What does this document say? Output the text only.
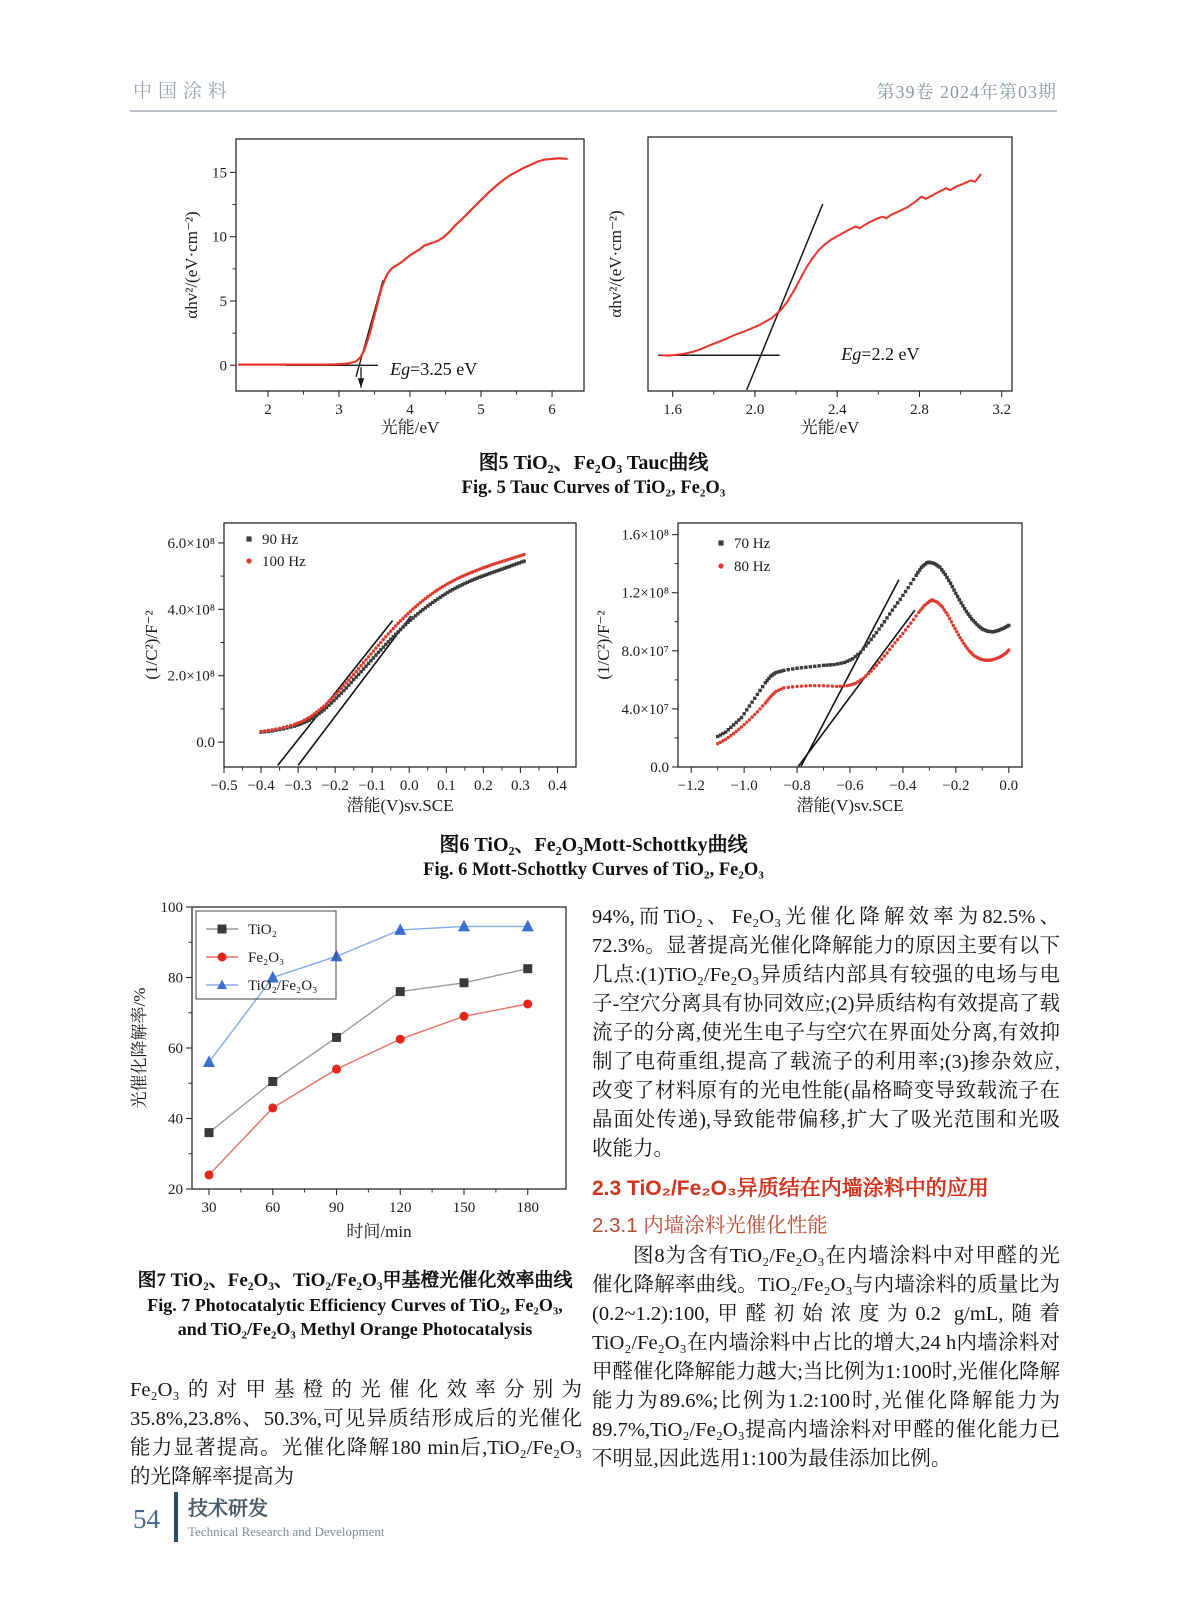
中国涂料	第39卷 2024年第03期
2	3	4	5	6
0
5
10
15
光能/eV
αhv²/(eV·cm⁻²)
Eg=3.25 eV
1.6	2.0	2.4	2.8	3.2
光能/eV
αhv²/(eV·cm⁻²)
Eg=2.2 eV
图5 TiO₂、Fe₂O₃ Tauc曲线
Fig. 5 Tauc Curves of TiO₂, Fe₂O₃
−0.5 −0.4 −0.3 −0.2 −0.1 0.0 0.1 0.2 0.3 0.4
0.0
2.0×10⁸
4.0×10⁸
6.0×10⁸
潜能(V)sv.SCE
(1/C²)/F⁻²
90 Hz
100 Hz
−1.2 −1.0 −0.8 −0.6 −0.4 −0.2 0.0
0.0
4.0×10⁷
8.0×10⁷
1.2×10⁸
1.6×10⁸
潜能(V)sv.SCE
(1/C²)/F⁻²
70 Hz
80 Hz
图6 TiO₂、Fe₂O₃Mott-Schottky曲线
Fig. 6 Mott-Schottky Curves of TiO₂, Fe₂O₃
30	60	90	120	150	180
20
40
60
80
100
时间/min
光催化降解率/%
TiO₂
Fe₂O₃
TiO₂/Fe₂O₃
图7 TiO₂、Fe₂O₃、TiO₂/Fe₂O₃甲基橙光催化效率曲线
Fig. 7 Photocatalytic Efficiency Curves of TiO₂, Fe₂O₃,
and TiO₂/Fe₂O₃ Methyl Orange Photocatalysis
Fe₂O₃的对甲基橙的光催化效率分别为35.8%,23.8%、50.3%,可见异质结形成后的光催化能力显著提高。光催化降解180 min后,TiO₂/Fe₂O₃的光降解率提高为
94%,而TiO₂、Fe₂O₃光催化降解效率为82.5%、72.3%。显著提高光催化降解能力的原因主要有以下几点:(1)TiO₂/Fe₂O₃异质结内部具有较强的电场与电子-空穴分离具有协同效应;(2)异质结构有效提高了载流子的分离,使光生电子与空穴在界面处分离,有效抑制了电荷重组,提高了载流子的利用率;(3)掺杂效应,改变了材料原有的光电性能(晶格畸变导致载流子在晶面处传递),导致能带偏移,扩大了吸光范围和光吸收能力。
2.3 TiO₂/Fe₂O₃异质结在内墙涂料中的应用
2.3.1 内墙涂料光催化性能
图8为含有TiO₂/Fe₂O₃在内墙涂料中对甲醛的光催化降解率曲线。TiO₂/Fe₂O₃与内墙涂料的质量比为(0.2~1.2):100,甲醛初始浓度为0.2 g/mL,随着TiO₂/Fe₂O₃在内墙涂料中占比的增大,24 h内墙涂料对甲醛催化降解能力越大;当比例为1:100时,光催化降解能力为89.6%;比例为1.2:100时,光催化降解能力为89.7%,TiO₂/Fe₂O₃提高内墙涂料对甲醛的催化能力已不明显,因此选用1:100为最佳添加比例。
54 技术研发
Technical Research and Development
